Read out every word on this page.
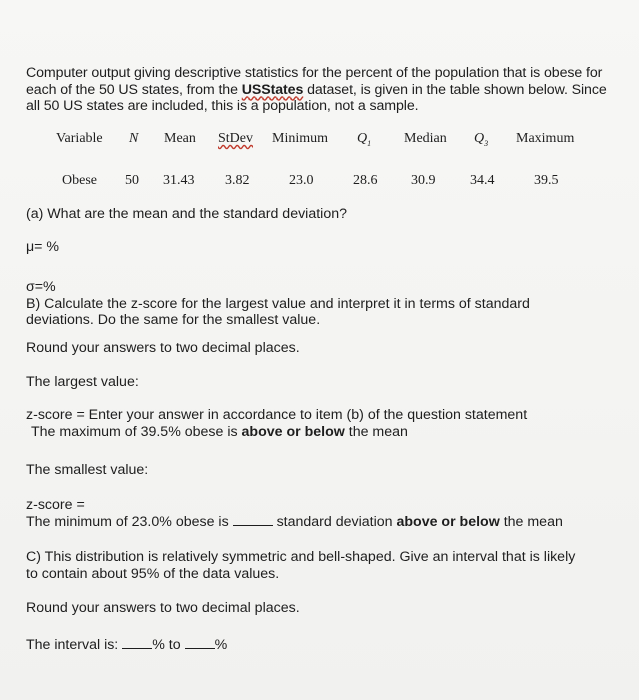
Computer output giving descriptive statistics for the percent of the population that is obese for each of the 50 US states, from the USStates dataset, is given in the table shown below. Since all 50 US states are included, this is a population, not a sample.
Variable N Mean StDev Minimum $Q_1$ Median $Q_3$ Maximum
Obese 50 31.43 3.82	23.0	28.6 30.9 34.4	39.5
(a) What are the mean and the standard deviation?
μ= %
σ=%
B) Calculate the z-score for the largest value and interpret it in terms of standard
deviations. Do the same for the smallest value.
Round your answers to two decimal places.
The largest value:
z-score = Enter your answer in accordance to item (b) of the question statement
The maximum of 39.5% obese is above or below the mean
The smallest value:
z-score =
The minimum of 23.0% obese is	standard deviation above or below the mean
C) This distribution is relatively symmetric and bell-shaped. Give an interval that is likely
to contain about 95% of the data values.
Round your answers to two decimal places.
The interval is: % to %
